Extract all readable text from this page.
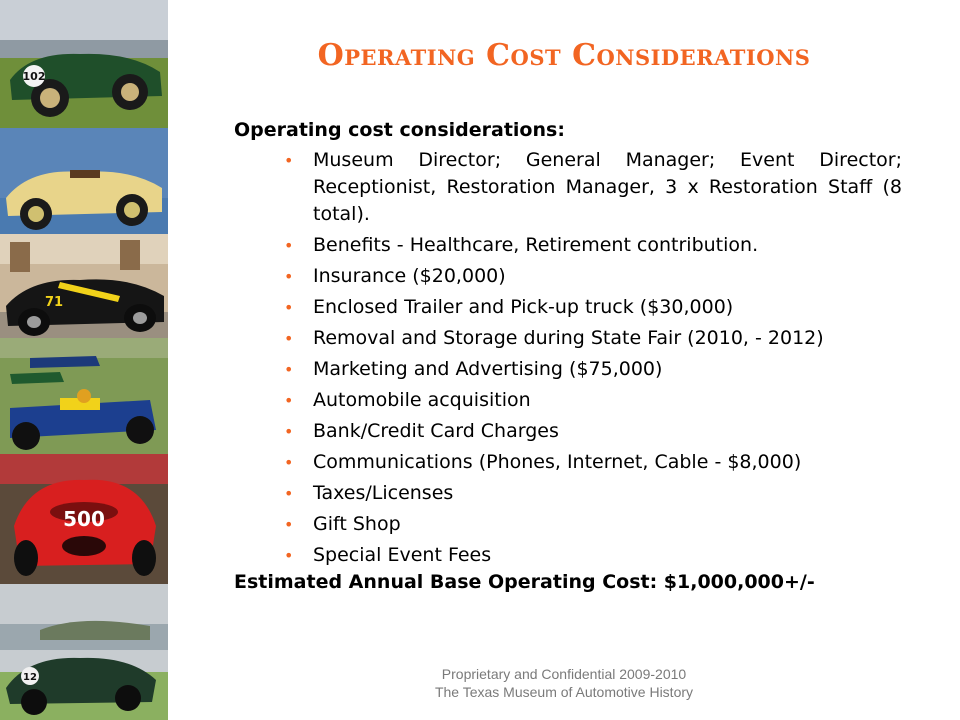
102
71
500
12
Operating Cost Considerations
Operating cost considerations:
• Museum Director; General Manager; Event Director; Receptionist, Restoration Manager, 3 x Restoration Staff (8 total).
• Benefits - Healthcare, Retirement contribution.
• Insurance ($20,000)
• Enclosed Trailer and Pick-up truck ($30,000)
• Removal and Storage during State Fair (2010, - 2012)
• Marketing and Advertising ($75,000)
• Automobile acquisition
• Bank/Credit Card Charges
• Communications (Phones, Internet, Cable - $8,000)
• Taxes/Licenses
• Gift Shop
• Special Event Fees
Estimated Annual Base Operating Cost: $1,000,000+/-
Proprietary and Confidential 2009-2010
The Texas Museum of Automotive History
